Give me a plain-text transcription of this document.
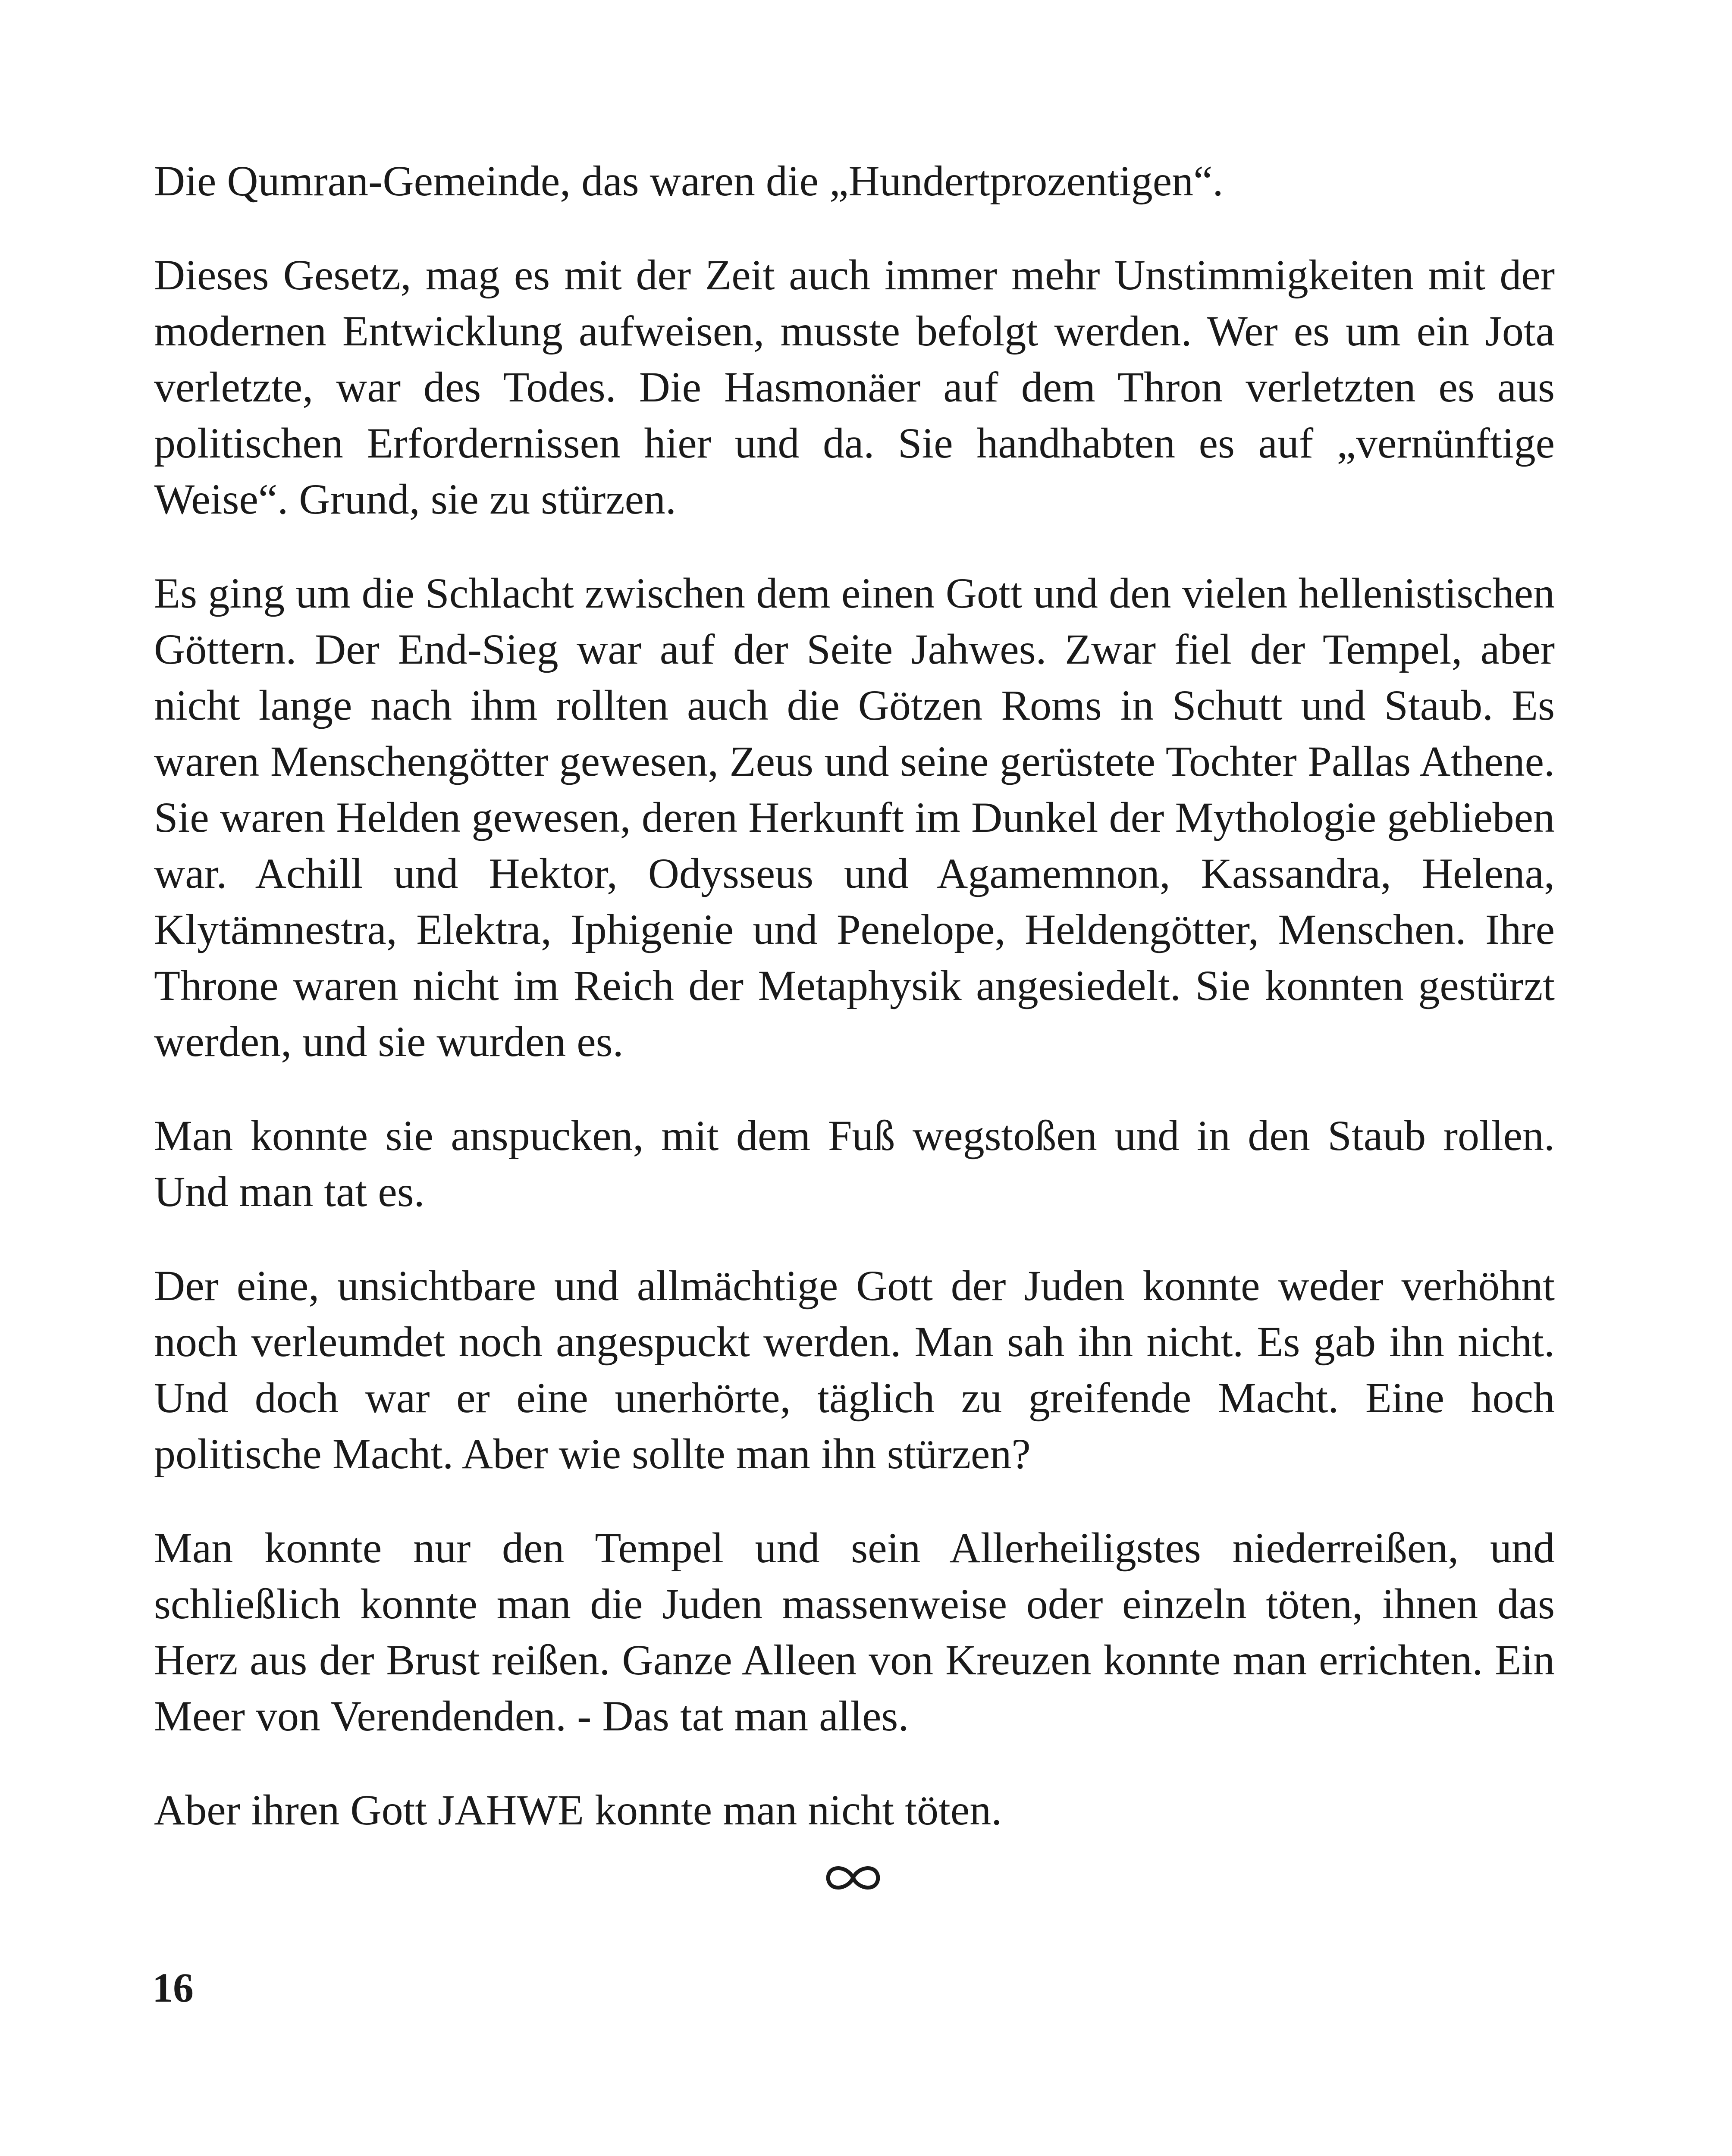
Die Qumran-Gemeinde, das waren die „Hundertprozentigen“.

Dieses Gesetz, mag es mit der Zeit auch immer mehr Unstimmigkeiten mit der modernen Entwicklung aufweisen, musste befolgt werden. Wer es um ein Jota verletzte, war des Todes. Die Hasmonäer auf dem Thron verletzten es aus politischen Erfordernissen hier und da. Sie handhabten es auf „vernünftige Weise“. Grund, sie zu stürzen.

Es ging um die Schlacht zwischen dem einen Gott und den vielen hellenistischen Göttern. Der End-Sieg war auf der Seite Jahwes. Zwar fiel der Tempel, aber nicht lange nach ihm rollten auch die Götzen Roms in Schutt und Staub. Es waren Menschengötter gewesen, Zeus und seine gerüstete Tochter Pallas Athene. Sie waren Helden gewesen, deren Herkunft im Dunkel der Mythologie geblieben war. Achill und Hektor, Odysseus und Agamemnon, Kassandra, Helena, Klytämnestra, Elektra, Iphigenie und Penelope, Heldengötter, Menschen. Ihre Throne waren nicht im Reich der Metaphysik angesiedelt. Sie konnten gestürzt werden, und sie wurden es.

Man konnte sie anspucken, mit dem Fuß wegstoßen und in den Staub rollen. Und man tat es.

Der eine, unsichtbare und allmächtige Gott der Juden konnte weder verhöhnt noch verleumdet noch angespuckt werden. Man sah ihn nicht. Es gab ihn nicht. Und doch war er eine unerhörte, täglich zu greifende Macht. Eine hoch politische Macht. Aber wie sollte man ihn stürzen?

Man konnte nur den Tempel und sein Allerheiligstes niederreißen, und schließlich konnte man die Juden massenweise oder einzeln töten, ihnen das Herz aus der Brust reißen. Ganze Alleen von Kreuzen konnte man errichten. Ein Meer von Verendenden. - Das tat man alles.

Aber ihren Gott JAHWE konnte man nicht töten.

16
